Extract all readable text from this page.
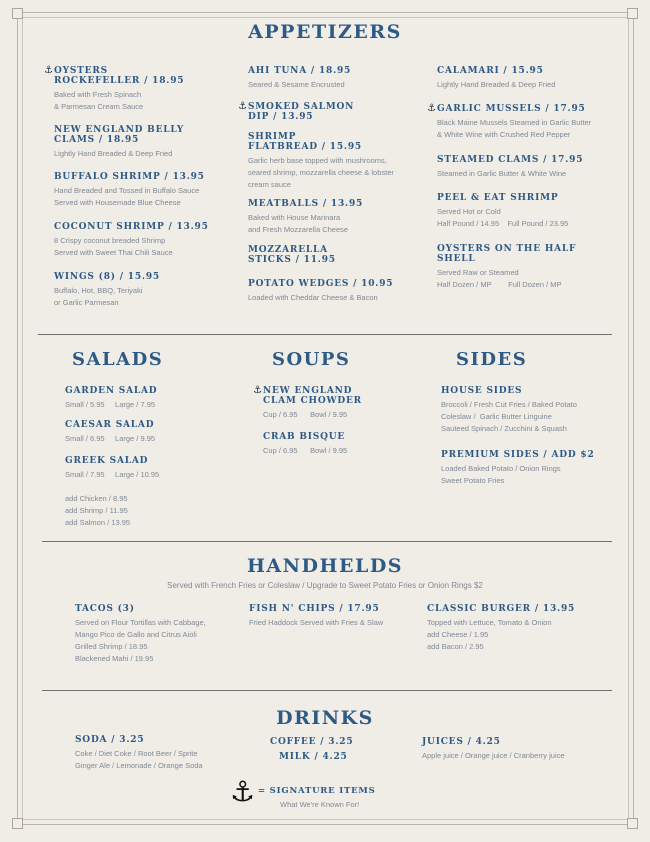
APPETIZERS
⚓ OYSTERS ROCKEFELLER / 18.95
Baked with Fresh Spinach
& Parmesan Cream Sauce
NEW ENGLAND BELLY CLAMS / 18.95
Lightly Hand Breaded & Deep Fried
BUFFALO SHRIMP / 13.95
Hand Breaded and Tossed in Buffalo Sauce
Served with Housemade Blue Cheese
COCONUT SHRIMP / 13.95
8 Crispy coconut breaded Shrimp
Served with Sweet Thai Chili Sauce
WINGS (8) / 15.95
Buffalo, Hot, BBQ, Teriyaki
or Garlic Parmesan
AHI TUNA / 18.95
Seared & Sesame Encrusted
⚓ SMOKED SALMON DIP / 13.95
SHRIMP FLATBREAD / 15.95
Garlic herb base topped with mushrooms,
seared shrimp, mozzarella cheese & lobster
cream sauce
MEATBALLS / 13.95
Baked with House Marinara
and Fresh Mozzarella Cheese
MOZZARELLA STICKS / 11.95
POTATO WEDGES / 10.95
Loaded with Cheddar Cheese & Bacon
CALAMARI / 15.95
Lightly Hand Breaded & Deep Fried
⚓ GARLIC MUSSELS / 17.95
Black Maine Mussels Steamed in Garlic Butter
& White Wine with Crushed Red Pepper
STEAMED CLAMS / 17.95
Steamed in Garlic Butter & White Wine
PEEL & EAT SHRIMP
Served Hot or Cold
Half Pound / 14.95    Full Pound / 23.95
OYSTERS ON THE HALF SHELL
Served Raw or Steamed
Half Dozen / MP        Full Dozen / MP
SALADS	SOUPS	SIDES
GARDEN SALAD
Small / 5.95     Large / 7.95
CAESAR SALAD
Small / 6.95     Large / 9.95
GREEK SALAD
Small / 7.95     Large / 10.95
add Chicken / 8.95
add Shrimp / 11.95
add Salmon / 13.95
⚓ NEW ENGLAND CLAM CHOWDER
Cup / 6.95      Bowl / 9.95
CRAB BISQUE
Cup / 6.95      Bowl / 9.95
HOUSE SIDES
Broccoli / Fresh Cut Fries / Baked Potato
Coleslaw /  Garlic Butter Linguine
Sauteed Spinach / Zucchini & Squash
PREMIUM SIDES / ADD $2
Loaded Baked Potato / Onion Rings
Sweet Potato Fries
HANDHELDS
Served with French Fries or Coleslaw / Upgrade to Sweet Potato Fries or Onion Rings $2
TACOS (3)
Served on Flour Tortillas with Cabbage,
Mango Pico de Gallo and Citrus Aioli
Grilled Shrimp / 18.95
Blackened Mahi / 19.95
FISH N' CHIPS / 17.95
Fried Haddock Served with Fries & Slaw
CLASSIC BURGER / 13.95
Topped with Lettuce, Tomato & Onion
add Cheese / 1.95
add Bacon / 2.95
DRINKS
SODA / 3.25
Coke / Diet Coke / Root Beer / Sprite
Ginger Ale / Lemonade / Orange Soda
COFFEE / 3.25
MILK / 4.25
JUICES / 4.25
Apple juice / Orange juice / Cranberry juice
⚓ = SIGNATURE ITEMS
What We're Known For!
